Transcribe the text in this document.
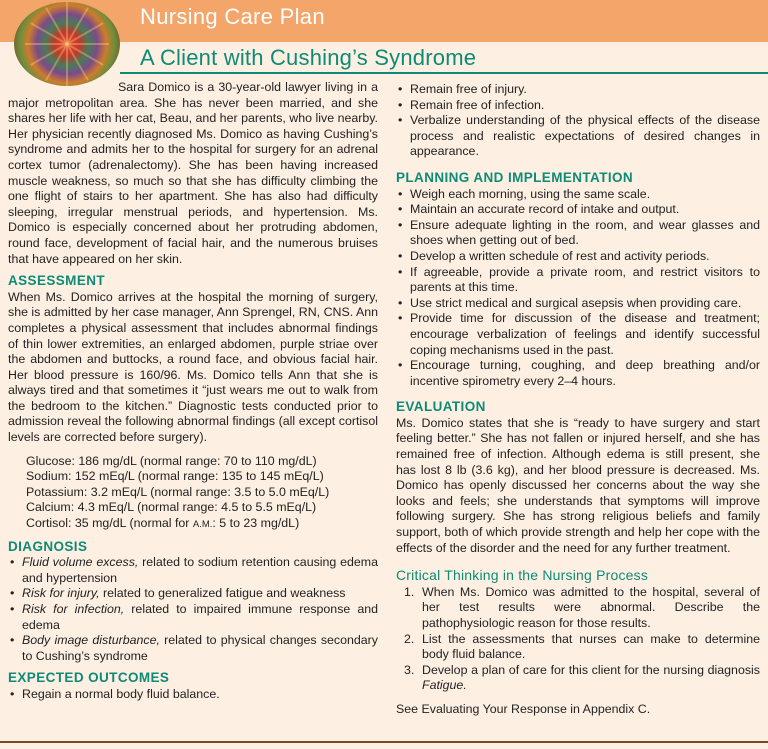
Nursing Care Plan
A Client with Cushing’s Syndrome

Sara Domico is a 30-year-old lawyer living in a major metropolitan area. She has never been married, and she shares her life with her cat, Beau, and her parents, who live nearby. Her physician recently diagnosed Ms. Domico as having Cushing’s syndrome and admits her to the hospital for surgery for an adrenal cortex tumor (adrenalectomy). She has been having increased muscle weakness, so much so that she has difficulty climbing the one flight of stairs to her apartment. She has also had difficulty sleeping, irregular menstrual periods, and hypertension. Ms. Domico is especially concerned about her protruding abdomen, round face, development of facial hair, and the numerous bruises that have appeared on her skin.

ASSESSMENT

When Ms. Domico arrives at the hospital the morning of surgery, she is admitted by her case manager, Ann Sprengel, RN, CNS. Ann completes a physical assessment that includes abnormal findings of thin lower extremities, an enlarged abdomen, purple striae over the abdomen and buttocks, a round face, and obvious facial hair. Her blood pressure is 160/96. Ms. Domico tells Ann that she is always tired and that sometimes it “just wears me out to walk from the bedroom to the kitchen.” Diagnostic tests conducted prior to admission reveal the following abnormal findings (all except cortisol levels are corrected before surgery).

Glucose: 186 mg/dL (normal range: 70 to 110 mg/dL)
Sodium: 152 mEq/L (normal range: 135 to 145 mEq/L)
Potassium: 3.2 mEq/L (normal range: 3.5 to 5.0 mEq/L)
Calcium: 4.3 mEq/L (normal range: 4.5 to 5.5 mEq/L)
Cortisol: 35 mg/dL (normal for A.M.: 5 to 23 mg/dL)
DIAGNOSIS
• Fluid volume excess, related to sodium retention causing edema and hypertension
• Risk for injury, related to generalized fatigue and weakness
• Risk for infection, related to impaired immune response and edema
• Body image disturbance, related to physical changes secondary to Cushing’s syndrome
EXPECTED OUTCOMES
• Regain a normal body fluid balance.
• Remain free of injury.
• Remain free of infection.
• Verbalize understanding of the physical effects of the disease process and realistic expectations of desired changes in appearance.
PLANNING AND IMPLEMENTATION
• Weigh each morning, using the same scale.
• Maintain an accurate record of intake and output.
• Ensure adequate lighting in the room, and wear glasses and shoes when getting out of bed.
• Develop a written schedule of rest and activity periods.
• If agreeable, provide a private room, and restrict visitors to parents at this time.
• Use strict medical and surgical asepsis when providing care.
• Provide time for discussion of the disease and treatment; encourage verbalization of feelings and identify successful coping mechanisms used in the past.
• Encourage turning, coughing, and deep breathing and/or incentive spirometry every 2–4 hours.
EVALUATION

Ms. Domico states that she is “ready to have surgery and start feeling better.” She has not fallen or injured herself, and she has remained free of infection. Although edema is still present, she has lost 8 lb (3.6 kg), and her blood pressure is decreased. Ms. Domico has openly discussed her concerns about the way she looks and feels; she understands that symptoms will improve following surgery. She has strong religious beliefs and family support, both of which provide strength and help her cope with the effects of the disorder and the need for any further treatment.

Critical Thinking in the Nursing Process
1. When Ms. Domico was admitted to the hospital, several of her test results were abnormal. Describe the pathophysiologic reason for those results.
2. List the assessments that nurses can make to determine body fluid balance.
3. Develop a plan of care for this client for the nursing diagnosis Fatigue.

See Evaluating Your Response in Appendix C.
